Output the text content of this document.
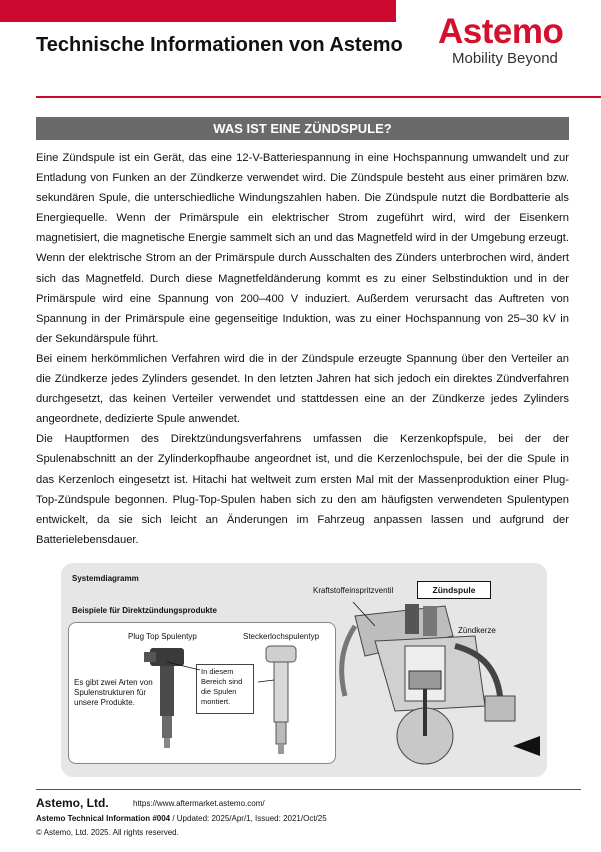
Technische Informationen von Astemo	Astemo
Mobility Beyond
WAS IST EINE ZÜNDSPULE?

Eine Zündspule ist ein Gerät, das eine 12-V-Batteriespannung in eine Hochspannung umwandelt und zur Entladung von Funken an der Zündkerze verwendet wird. Die Zündspule besteht aus einer primären bzw. sekundären Spule, die unterschiedliche Windungszahlen haben. Die Zündspule nutzt die Bordbatterie als Energiequelle. Wenn der Primärspule ein elektrischer Strom zugeführt wird, wird der Eisenkern magnetisiert, die magnetische Energie sammelt sich an und das Magnetfeld wird in der Umgebung erzeugt. Wenn der elektrische Strom an der Primärspule durch Ausschalten des Zünders unterbrochen wird, ändert sich das Magnetfeld. Durch diese Magnetfeldänderung kommt es zu einer Selbstinduktion und in der Primärspule wird eine Spannung von 200–400 V induziert. Außerdem verursacht das Auftreten von Spannung in der Primärspule eine gegenseitige Induktion, was zu einer Hochspannung von 25–30 kV in der Sekundärspule führt.

Bei einem herkömmlichen Verfahren wird die in der Zündspule erzeugte Spannung über den Verteiler an die Zündkerze jedes Zylinders gesendet. In den letzten Jahren hat sich jedoch ein direktes Zündverfahren durchgesetzt, das keinen Verteiler verwendet und stattdessen eine an der Zündkerze jedes Zylinders angeordnete, dedizierte Spule anwendet.

Die Hauptformen des Direktzündungsverfahrens umfassen die Kerzenkopfspule, bei der der Spulenabschnitt an der Zylinderkopfhaube angeordnet ist, und die Kerzenlochspule, bei der die Spule in das Kerzenloch eingesetzt ist. Hitachi hat weltweit zum ersten Mal mit der Massenproduktion einer Plug-Top-Zündspule begonnen. Plug-Top-Spulen haben sich zu den am häufigsten verwendeten Spulentypen entwickelt, da sie sich leicht an Änderungen im Fahrzeug anpassen lassen und aufgrund der Batterielebensdauer.

Systemdiagramm
Beispiele für Direktzündungsprodukte
Plug Top Spulentyp	Steckerlochspulentyp
Es gibt zwei Arten von Spulenstrukturen für unsere Produkte.
In diesem Bereich sind die Spulen montiert.
Kraftstoffeinspritzventil	Zündspule
Zündkerze
Astemo, Ltd.	https://www.aftermarket.astemo.com/
Astemo Technical Information #004 / Updated: 2025/Apr/1, Issued: 2021/Oct/25
© Astemo, Ltd. 2025. All rights reserved.
